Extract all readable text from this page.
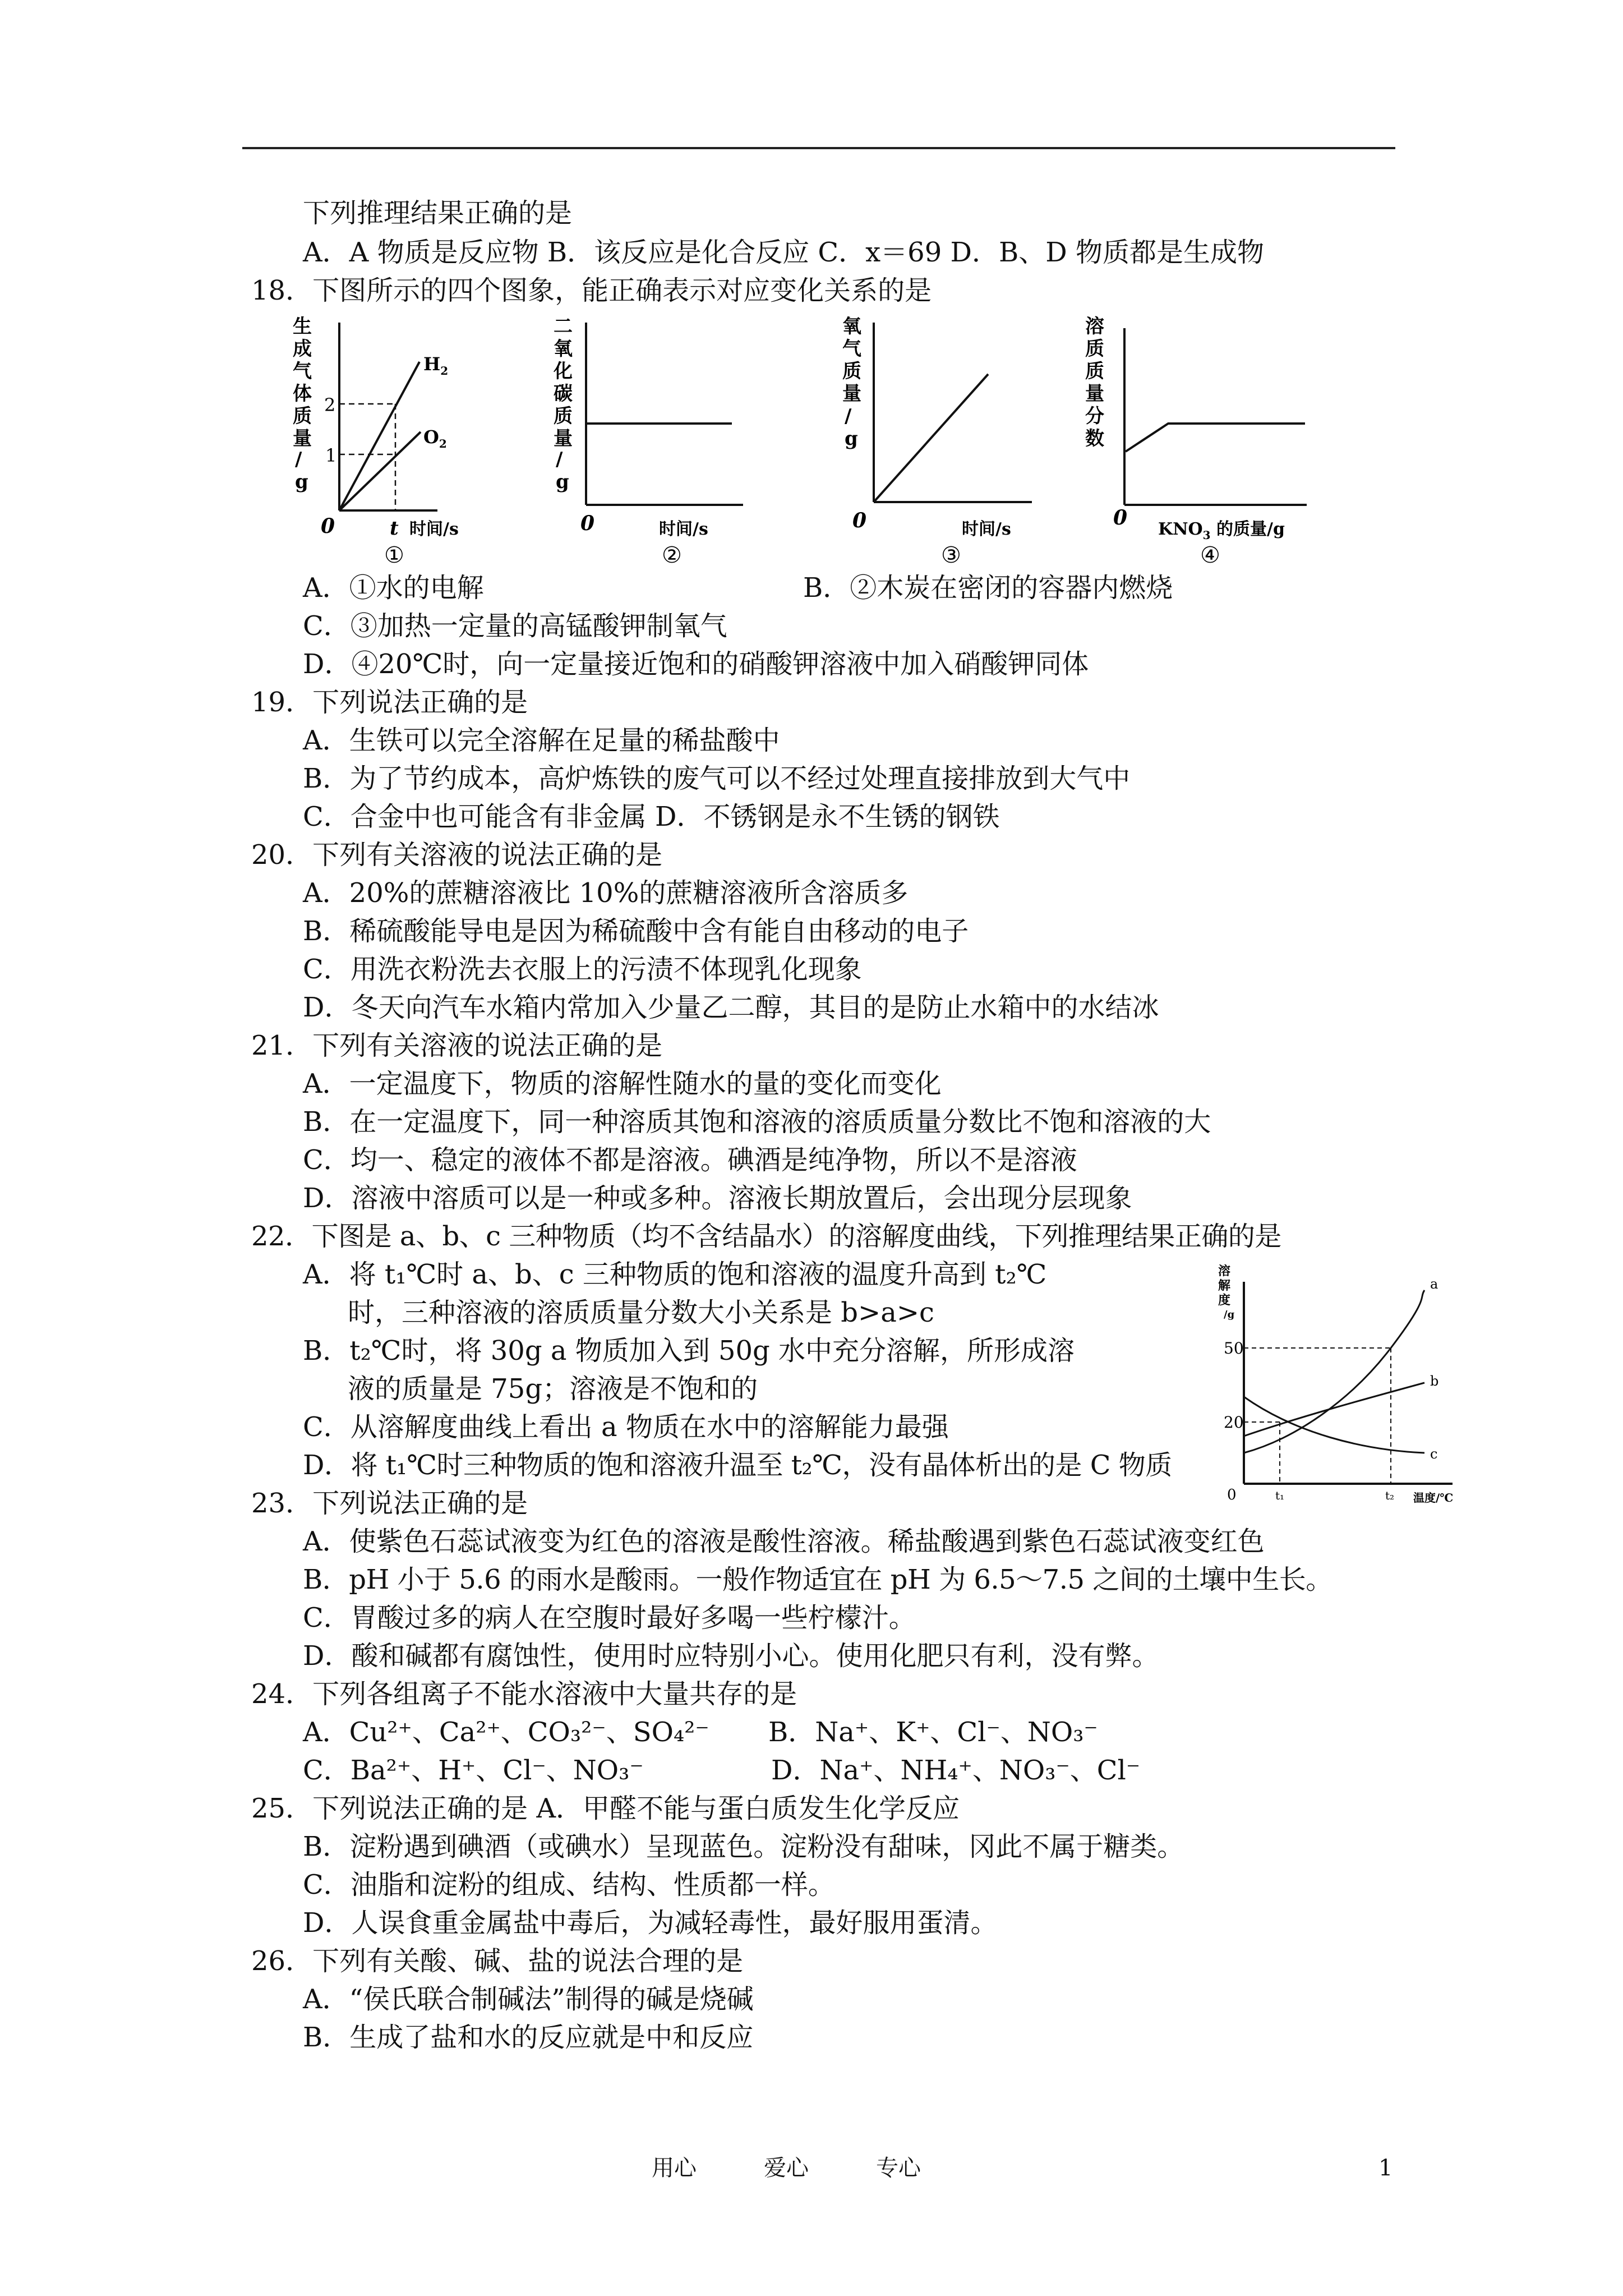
下列推理结果正确的是
A．A 物质是反应物 B．该反应是化合反应 C．x＝69 D．B、D 物质都是生成物
18．下图所示的四个图象，能正确表示对应变化关系的是
生
成
气
体
质
量
/
g
$H_2$
$O_2$
2
1
0	t 时间/s
①
二
氧
化
碳
质
量
/
g
0	时间/s
②
氧
气
质
量
/
g
0	时间/s
③
溶
质
质
量
分
数
0 $KNO_3$ 的质量/g
④
A．①水的电解	B．②木炭在密闭的容器内燃烧
C．③加热一定量的高锰酸钾制氧气
D．④20℃时，向一定量接近饱和的硝酸钾溶液中加入硝酸钾同体
19．下列说法正确的是
A．生铁可以完全溶解在足量的稀盐酸中
B．为了节约成本，高炉炼铁的废气可以不经过处理直接排放到大气中
C．合金中也可能含有非金属 D．不锈钢是永不生锈的钢铁
20．下列有关溶液的说法正确的是
A．20%的蔗糖溶液比 10%的蔗糖溶液所含溶质多
B．稀硫酸能导电是因为稀硫酸中含有能自由移动的电子
C．用洗衣粉洗去衣服上的污渍不体现乳化现象
D．冬天向汽车水箱内常加入少量乙二醇，其目的是防止水箱中的水结冰
21．下列有关溶液的说法正确的是
A．一定温度下，物质的溶解性随水的量的变化而变化
B．在一定温度下，同一种溶质其饱和溶液的溶质质量分数比不饱和溶液的大
C．均一、稳定的液体不都是溶液。碘酒是纯净物，所以不是溶液
D．溶液中溶质可以是一种或多种。溶液长期放置后，会出现分层现象
22．下图是 a、b、c 三种物质（均不含结晶水）的溶解度曲线，下列推理结果正确的是
A．将 t₁℃时 a、b、c 三种物质的饱和溶液的温度升高到 t₂℃
时，三种溶液的溶质质量分数大小关系是 b>a>c
B．t₂℃时，将 30g a 物质加入到 50g 水中充分溶解，所形成溶
液的质量是 75g；溶液是不饱和的
C．从溶解度曲线上看出 a 物质在水中的溶解能力最强
D．将 t₁℃时三种物质的饱和溶液升温至 t₂℃，没有晶体析出的是 C 物质
溶
解
度
/g
a
b
c
50
20
0	t₁	t₂ 温度/℃
23．下列说法正确的是
A．使紫色石蕊试液变为红色的溶液是酸性溶液。稀盐酸遇到紫色石蕊试液变红色
B．pH 小于 5.6 的雨水是酸雨。一般作物适宜在 pH 为 6.5～7.5 之间的土壤中生长。
C．胃酸过多的病人在空腹时最好多喝一些柠檬汁。
D．酸和碱都有腐蚀性，使用时应特别小心。使用化肥只有利，没有弊。
24．下列各组离子不能水溶液中大量共存的是
A．Cu²⁺、Ca²⁺、CO₃²⁻、SO₄²⁻ B．Na⁺、K⁺、Cl⁻、NO₃⁻
C．Ba²⁺、H⁺、Cl⁻、NO₃⁻	D．Na⁺、NH₄⁺、NO₃⁻、Cl⁻
25．下列说法正确的是 A．甲醛不能与蛋白质发生化学反应
B．淀粉遇到碘酒（或碘水）呈现蓝色。淀粉没有甜味，冈此不属于糖类。
C．油脂和淀粉的组成、结构、性质都一样。
D．人误食重金属盐中毒后，为减轻毒性，最好服用蛋清。
26．下列有关酸、碱、盐的说法合理的是
A．“侯氏联合制碱法”制得的碱是烧碱
B．生成了盐和水的反应就是中和反应
用心	爱心	专心	1
